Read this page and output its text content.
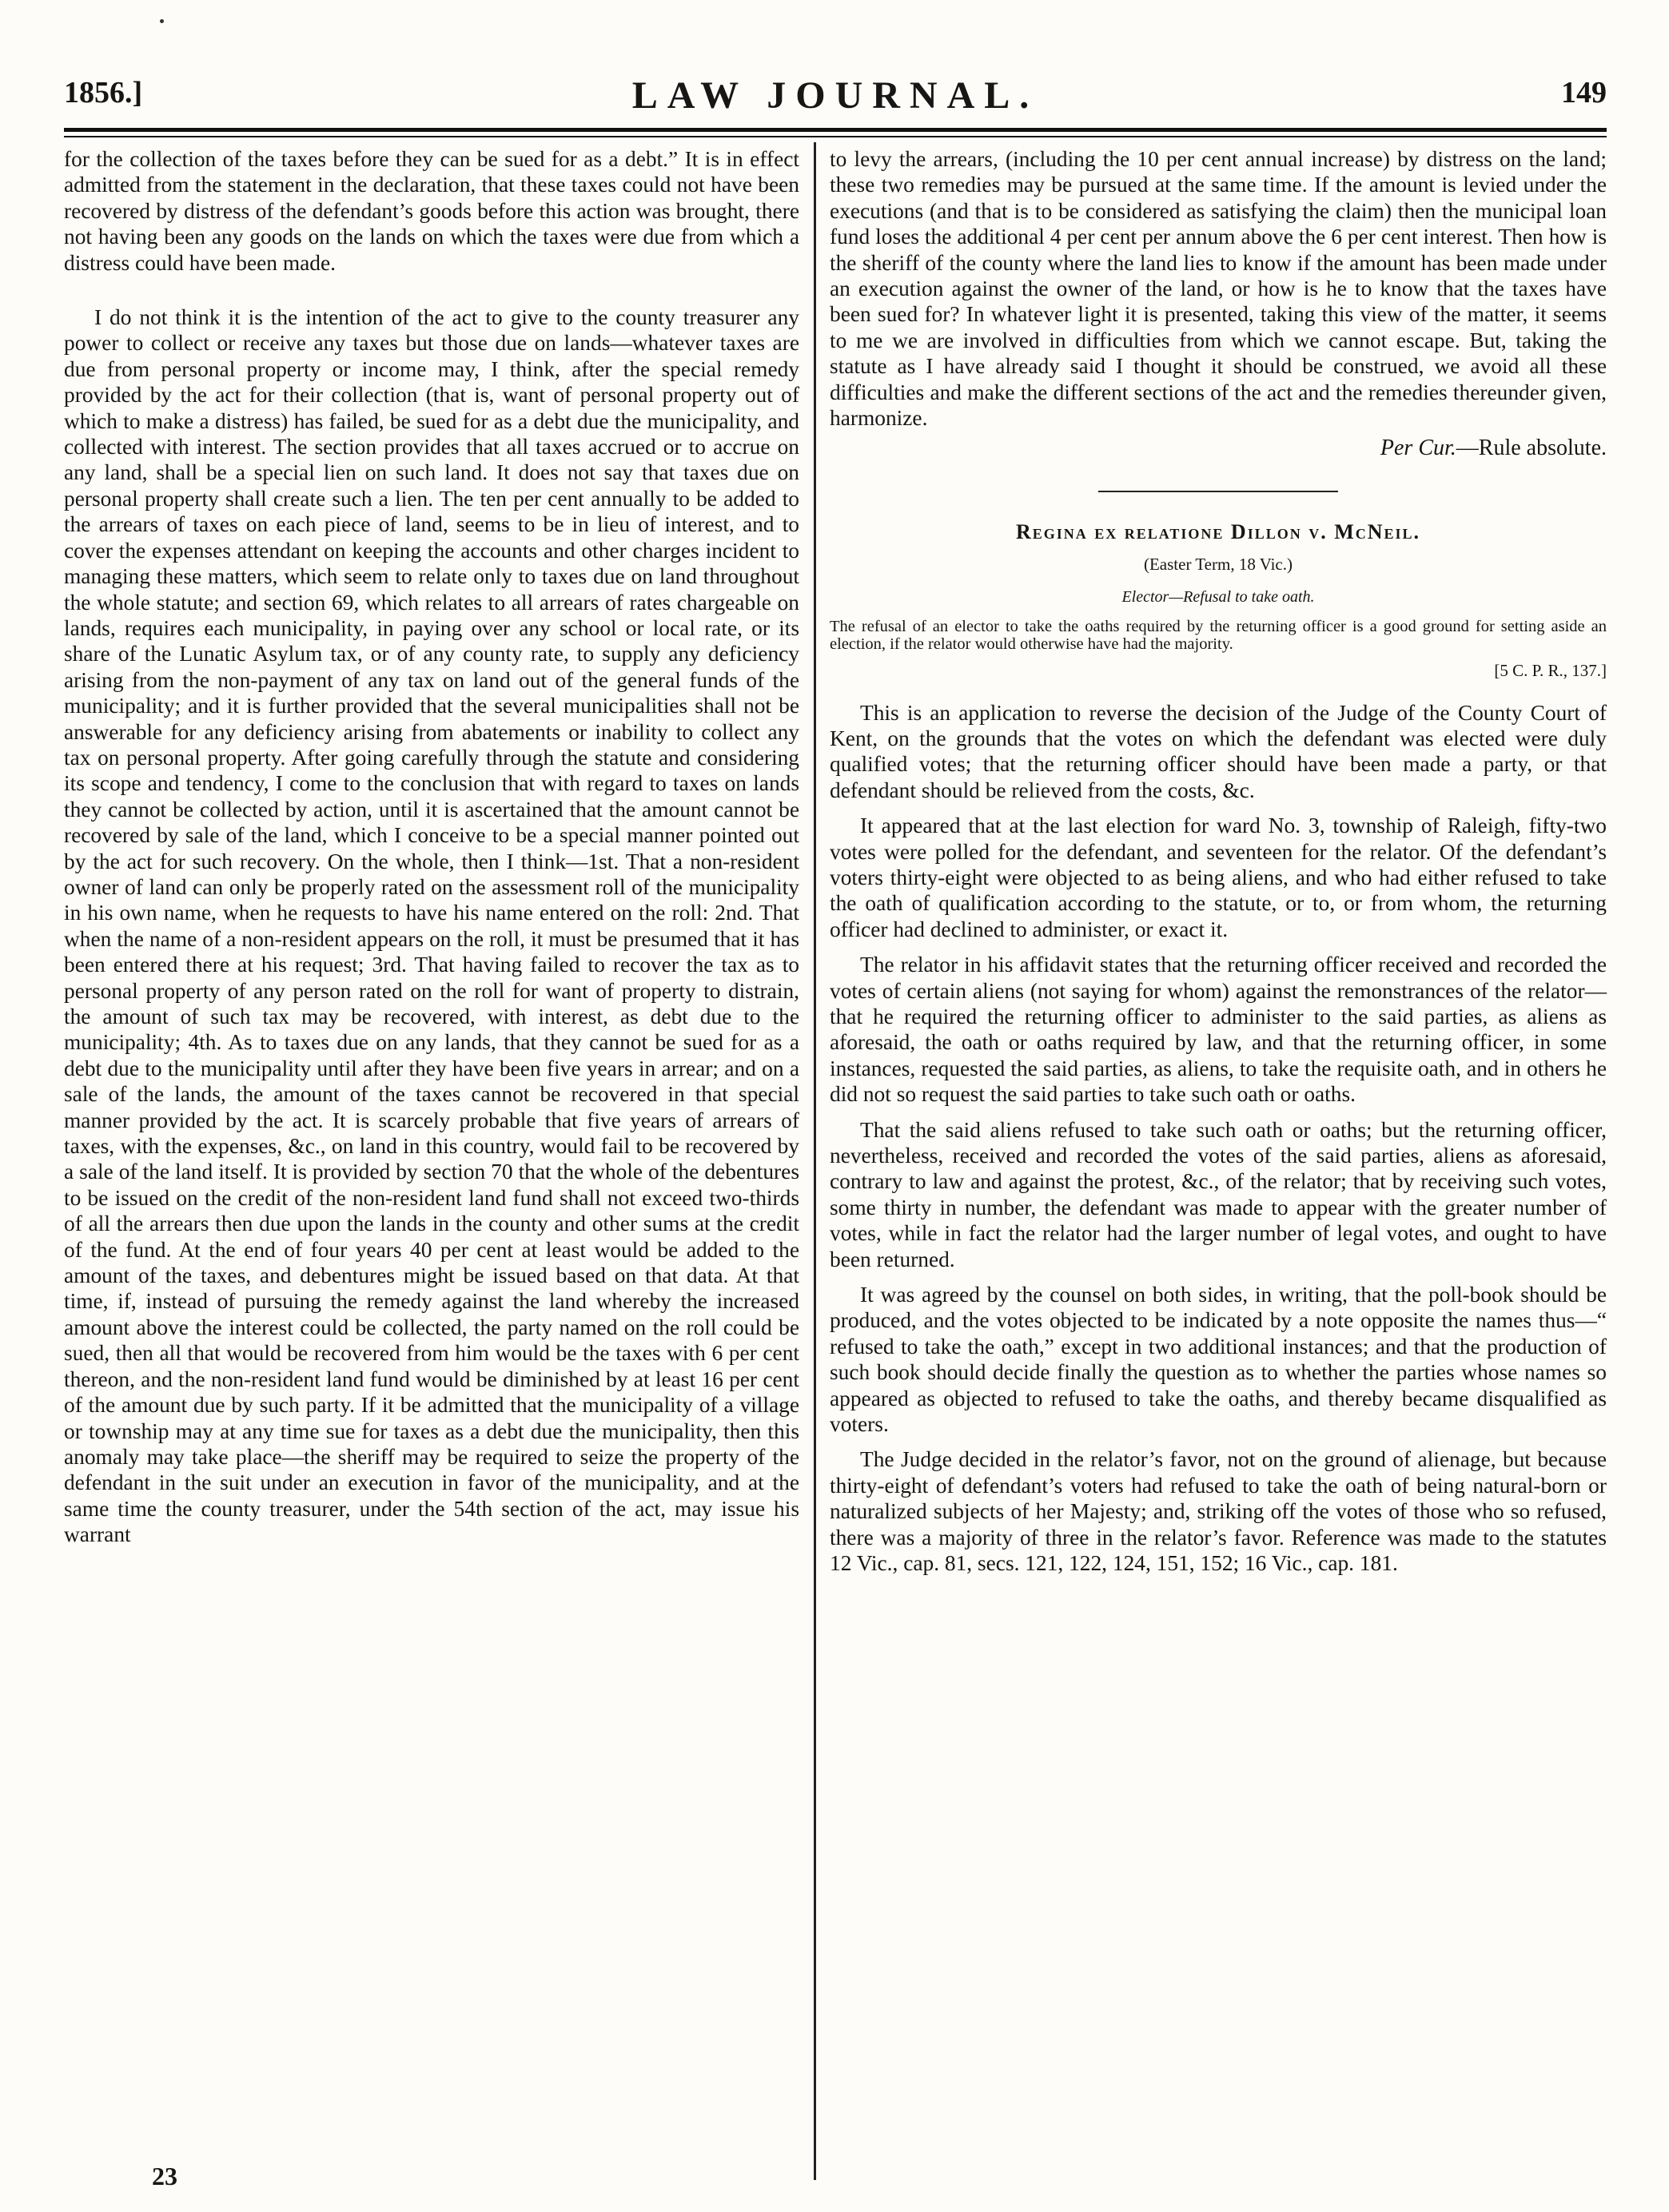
1856.]	LAW JOURNAL.	149

for the collection of the taxes before they can be sued for as a debt.” It is in effect admitted from the statement in the declaration, that these taxes could not have been recovered by distress of the defendant’s goods before this action was brought, there not having been any goods on the lands on which the taxes were due from which a distress could have been made.

I do not think it is the intention of the act to give to the county treasurer any power to collect or receive any taxes but those due on lands—whatever taxes are due from personal property or income may, I think, after the special remedy provided by the act for their collection (that is, want of personal property out of which to make a distress) has failed, be sued for as a debt due the municipality, and collected with interest. The section provides that all taxes accrued or to accrue on any land, shall be a special lien on such land. It does not say that taxes due on personal property shall create such a lien. The ten per cent annually to be added to the arrears of taxes on each piece of land, seems to be in lieu of interest, and to cover the expenses attendant on keeping the accounts and other charges incident to managing these matters, which seem to relate only to taxes due on land throughout the whole statute; and section 69, which relates to all arrears of rates chargeable on lands, requires each municipality, in paying over any school or local rate, or its share of the Lunatic Asylum tax, or of any county rate, to supply any deficiency arising from the non-payment of any tax on land out of the general funds of the municipality; and it is further provided that the several municipalities shall not be answerable for any deficiency arising from abatements or inability to collect any tax on personal property. After going carefully through the statute and considering its scope and tendency, I come to the conclusion that with regard to taxes on lands they cannot be collected by action, until it is ascertained that the amount cannot be recovered by sale of the land, which I conceive to be a special manner pointed out by the act for such recovery. On the whole, then I think—1st. That a non-resident owner of land can only be properly rated on the assessment roll of the municipality in his own name, when he requests to have his name entered on the roll: 2nd. That when the name of a non-resident appears on the roll, it must be presumed that it has been entered there at his request; 3rd. That having failed to recover the tax as to personal property of any person rated on the roll for want of property to distrain, the amount of such tax may be recovered, with interest, as debt due to the municipality; 4th. As to taxes due on any lands, that they cannot be sued for as a debt due to the municipality until after they have been five years in arrear; and on a sale of the lands, the amount of the taxes cannot be recovered in that special manner provided by the act. It is scarcely probable that five years of arrears of taxes, with the expenses, &c., on land in this country, would fail to be recovered by a sale of the land itself. It is provided by section 70 that the whole of the debentures to be issued on the credit of the non-resident land fund shall not exceed two-thirds of all the arrears then due upon the lands in the county and other sums at the credit of the fund. At the end of four years 40 per cent at least would be added to the amount of the taxes, and debentures might be issued based on that data. At that time, if, instead of pursuing the remedy against the land whereby the increased amount above the interest could be collected, the party named on the roll could be sued, then all that would be recovered from him would be the taxes with 6 per cent thereon, and the non-resident land fund would be diminished by at least 16 per cent of the amount due by such party. If it be admitted that the municipality of a village or township may at any time sue for taxes as a debt due the municipality, then this anomaly may take place—the sheriff may be required to seize the property of the defendant in the suit under an execution in favor of the municipality, and at the same time the county treasurer, under the 54th section of the act, may issue his warrant

to levy the arrears, (including the 10 per cent annual increase) by distress on the land; these two remedies may be pursued at the same time. If the amount is levied under the executions (and that is to be considered as satisfying the claim) then the municipal loan fund loses the additional 4 per cent per annum above the 6 per cent interest. Then how is the sheriff of the county where the land lies to know if the amount has been made under an execution against the owner of the land, or how is he to know that the taxes have been sued for? In whatever light it is presented, taking this view of the matter, it seems to me we are involved in difficulties from which we cannot escape. But, taking the statute as I have already said I thought it should be construed, we avoid all these difficulties and make the different sections of the act and the remedies thereunder given, harmonize.

Per Cur.—Rule absolute.
Regina ex relatione Dillon v. McNeil.
(Easter Term, 18 Vic.)
Elector—Refusal to take oath.
The refusal of an elector to take the oaths required by the returning officer is a good ground for setting aside an election, if the relator would otherwise have had the majority.
[5 C. P. R., 137.]

This is an application to reverse the decision of the Judge of the County Court of Kent, on the grounds that the votes on which the defendant was elected were duly qualified votes; that the returning officer should have been made a party, or that defendant should be relieved from the costs, &c.

It appeared that at the last election for ward No. 3, township of Raleigh, fifty-two votes were polled for the defendant, and seventeen for the relator. Of the defendant’s voters thirty-eight were objected to as being aliens, and who had either refused to take the oath of qualification according to the statute, or to, or from whom, the returning officer had declined to administer, or exact it.

The relator in his affidavit states that the returning officer received and recorded the votes of certain aliens (not saying for whom) against the remonstrances of the relator—that he required the returning officer to administer to the said parties, as aliens as aforesaid, the oath or oaths required by law, and that the returning officer, in some instances, requested the said parties, as aliens, to take the requisite oath, and in others he did not so request the said parties to take such oath or oaths.

That the said aliens refused to take such oath or oaths; but the returning officer, nevertheless, received and recorded the votes of the said parties, aliens as aforesaid, contrary to law and against the protest, &c., of the relator; that by receiving such votes, some thirty in number, the defendant was made to appear with the greater number of votes, while in fact the relator had the larger number of legal votes, and ought to have been returned.

It was agreed by the counsel on both sides, in writing, that the poll-book should be produced, and the votes objected to be indicated by a note opposite the names thus—“ refused to take the oath,” except in two additional instances; and that the production of such book should decide finally the question as to whether the parties whose names so appeared as objected to refused to take the oaths, and thereby became disqualified as voters.

The Judge decided in the relator’s favor, not on the ground of alienage, but because thirty-eight of defendant’s voters had refused to take the oath of being natural-born or naturalized subjects of her Majesty; and, striking off the votes of those who so refused, there was a majority of three in the relator’s favor. Reference was made to the statutes 12 Vic., cap. 81, secs. 121, 122, 124, 151, 152; 16 Vic., cap. 181.

23
